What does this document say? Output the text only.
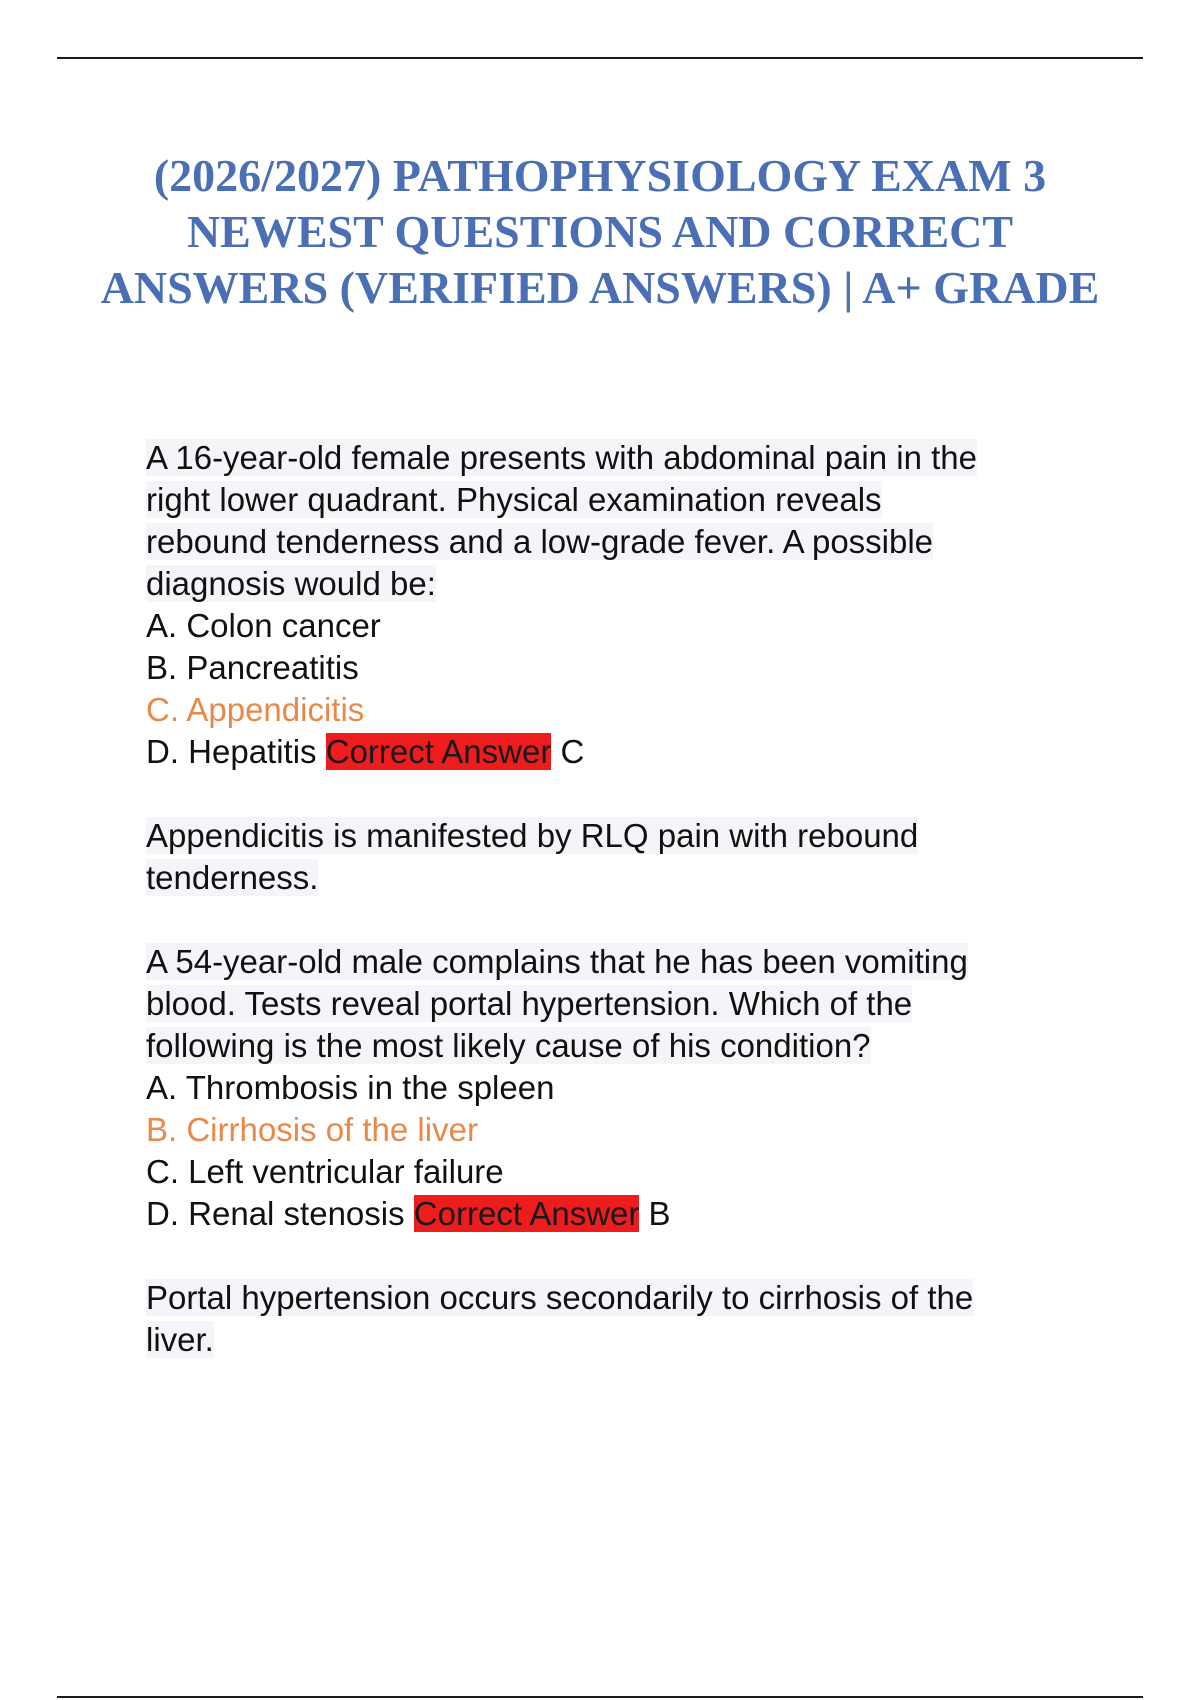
(2026/2027) PATHOPHYSIOLOGY EXAM 3 NEWEST QUESTIONS AND CORRECT ANSWERS (VERIFIED ANSWERS) | A+ GRADE
A 16-year-old female presents with abdominal pain in the
right lower quadrant. Physical examination reveals
rebound tenderness and a low-grade fever. A possible
diagnosis would be:
A. Colon cancer
B. Pancreatitis
C. Appendicitis
D. Hepatitis Correct Answer C
Appendicitis is manifested by RLQ pain with rebound
tenderness.
A 54-year-old male complains that he has been vomiting
blood. Tests reveal portal hypertension. Which of the
following is the most likely cause of his condition?
A. Thrombosis in the spleen
B. Cirrhosis of the liver
C. Left ventricular failure
D. Renal stenosis Correct Answer B
Portal hypertension occurs secondarily to cirrhosis of the
liver.
